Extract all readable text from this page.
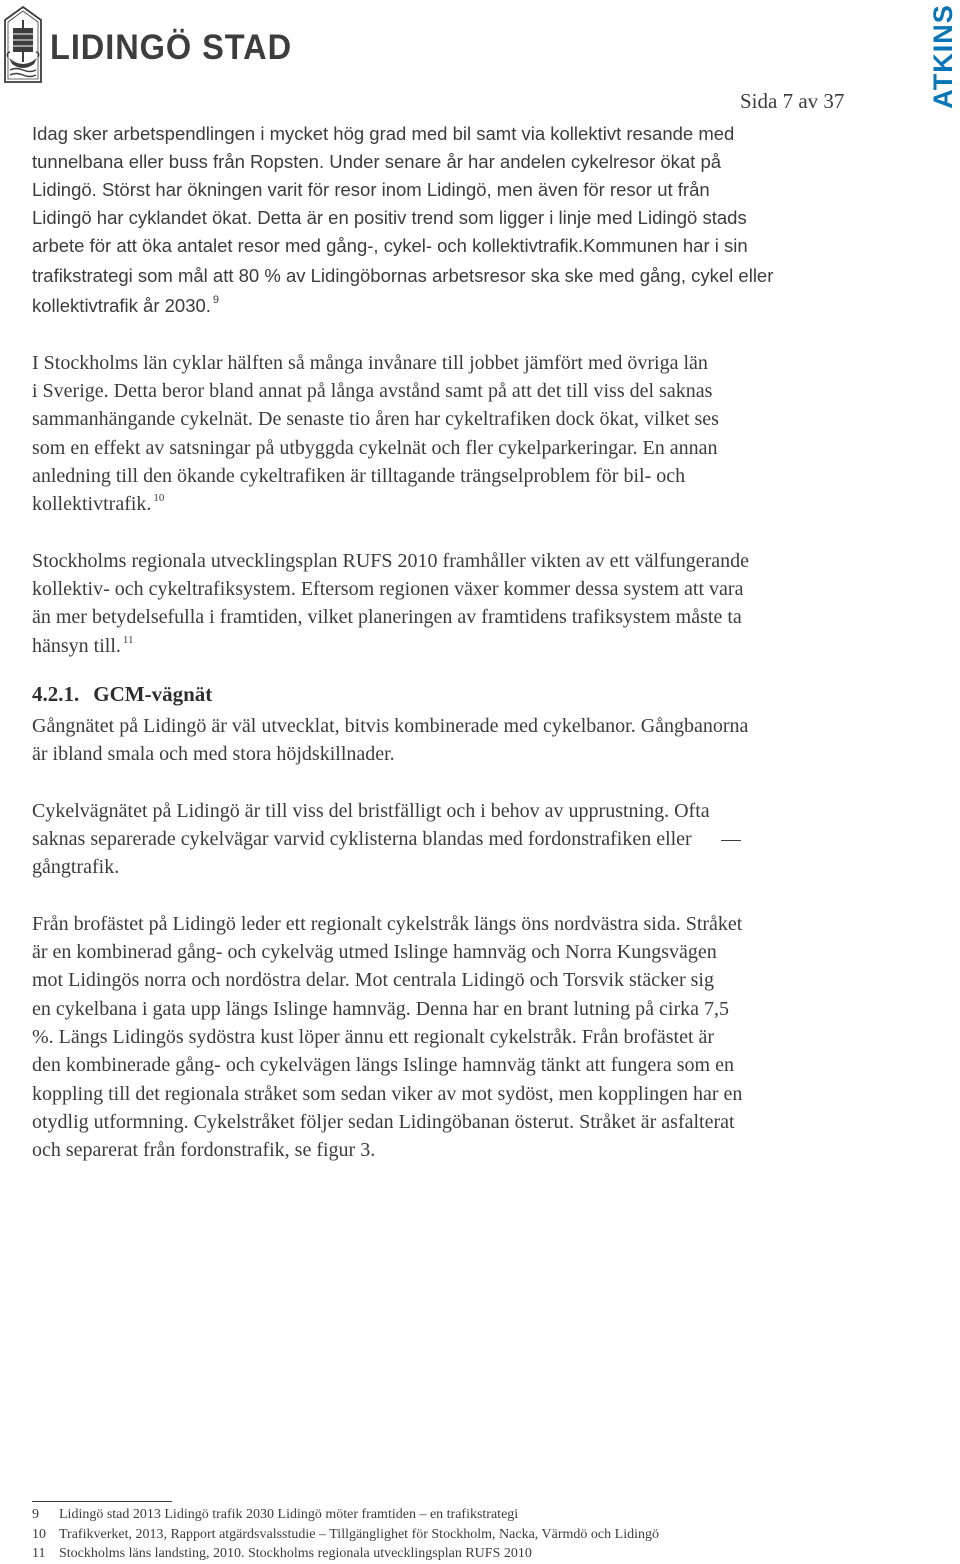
LIDINGÖ STAD	ATKINS
Sida 7 av 37
Idag sker arbetspendlingen i mycket hög grad med bil samt via kollektivt resande med
tunnelbana eller buss från Ropsten. Under senare år har andelen cykelresor ökat på
Lidingö. Störst har ökningen varit för resor inom Lidingö, men även för resor ut från
Lidingö har cyklandet ökat. Detta är en positiv trend som ligger i linje med Lidingö stads
arbete för att öka antalet resor med gång-, cykel- och kollektivtrafik.Kommunen har i sin
trafikstrategi som mål att 80 % av Lidingöbornas arbetsresor ska ske med gång, cykel eller
kollektivtrafik år 2030. $^9$
I Stockholms län cyklar hälften så många invånare till jobbet jämfört med övriga län
i Sverige. Detta beror bland annat på långa avstånd samt på att det till viss del saknas
sammanhängande cykelnät. De senaste tio åren har cykeltrafiken dock ökat, vilket ses
som en effekt av satsningar på utbyggda cykelnät och fler cykelparkeringar. En annan
anledning till den ökande cykeltrafiken är tilltagande trängselproblem för bil- och
kollektivtrafik. $^{10}$
Stockholms regionala utvecklingsplan RUFS 2010 framhåller vikten av ett välfungerande
kollektiv- och cykeltrafiksystem. Eftersom regionen växer kommer dessa system att vara
än mer betydelsefulla i framtiden, vilket planeringen av framtidens trafiksystem måste ta
hänsyn till. $^{11}$
4.2.1. GCM-vägnät
Gångnätet på Lidingö är väl utvecklat, bitvis kombinerade med cykelbanor. Gångbanorna
är ibland smala och med stora höjdskillnader.
Cykelvägnätet på Lidingö är till viss del bristfälligt och i behov av upprustning. Ofta
saknas separerade cykelvägar varvid cyklisterna blandas med fordonstrafiken eller
gångtrafik.
Från brofästet på Lidingö leder ett regionalt cykelstråk längs öns nordvästra sida. Stråket
är en kombinerad gång- och cykelväg utmed Islinge hamnväg och Norra Kungsvägen
mot Lidingös norra och nordöstra delar. Mot centrala Lidingö och Torsvik stäcker sig
en cykelbana i gata upp längs Islinge hamnväg. Denna har en brant lutning på cirka 7,5
%. Längs Lidingös sydöstra kust löper ännu ett regionalt cykelstråk. Från brofästet är
den kombinerade gång- och cykelvägen längs Islinge hamnväg tänkt att fungera som en
koppling till det regionala stråket som sedan viker av mot sydöst, men kopplingen har en
otydlig utformning. Cykelstråket följer sedan Lidingöbanan österut. Stråket är asfalterat
och separerat från fordonstrafik, se figur 3.
9 Lidingö stad 2013 Lidingö trafik 2030 Lidingö möter framtiden – en trafikstrategi
10 Trafikverket, 2013, Rapport atgärdsvalsstudie – Tillgänglighet för Stockholm, Nacka, Värmdö och Lidingö
11 Stockholms läns landsting, 2010. Stockholms regionala utvecklingsplan RUFS 2010
